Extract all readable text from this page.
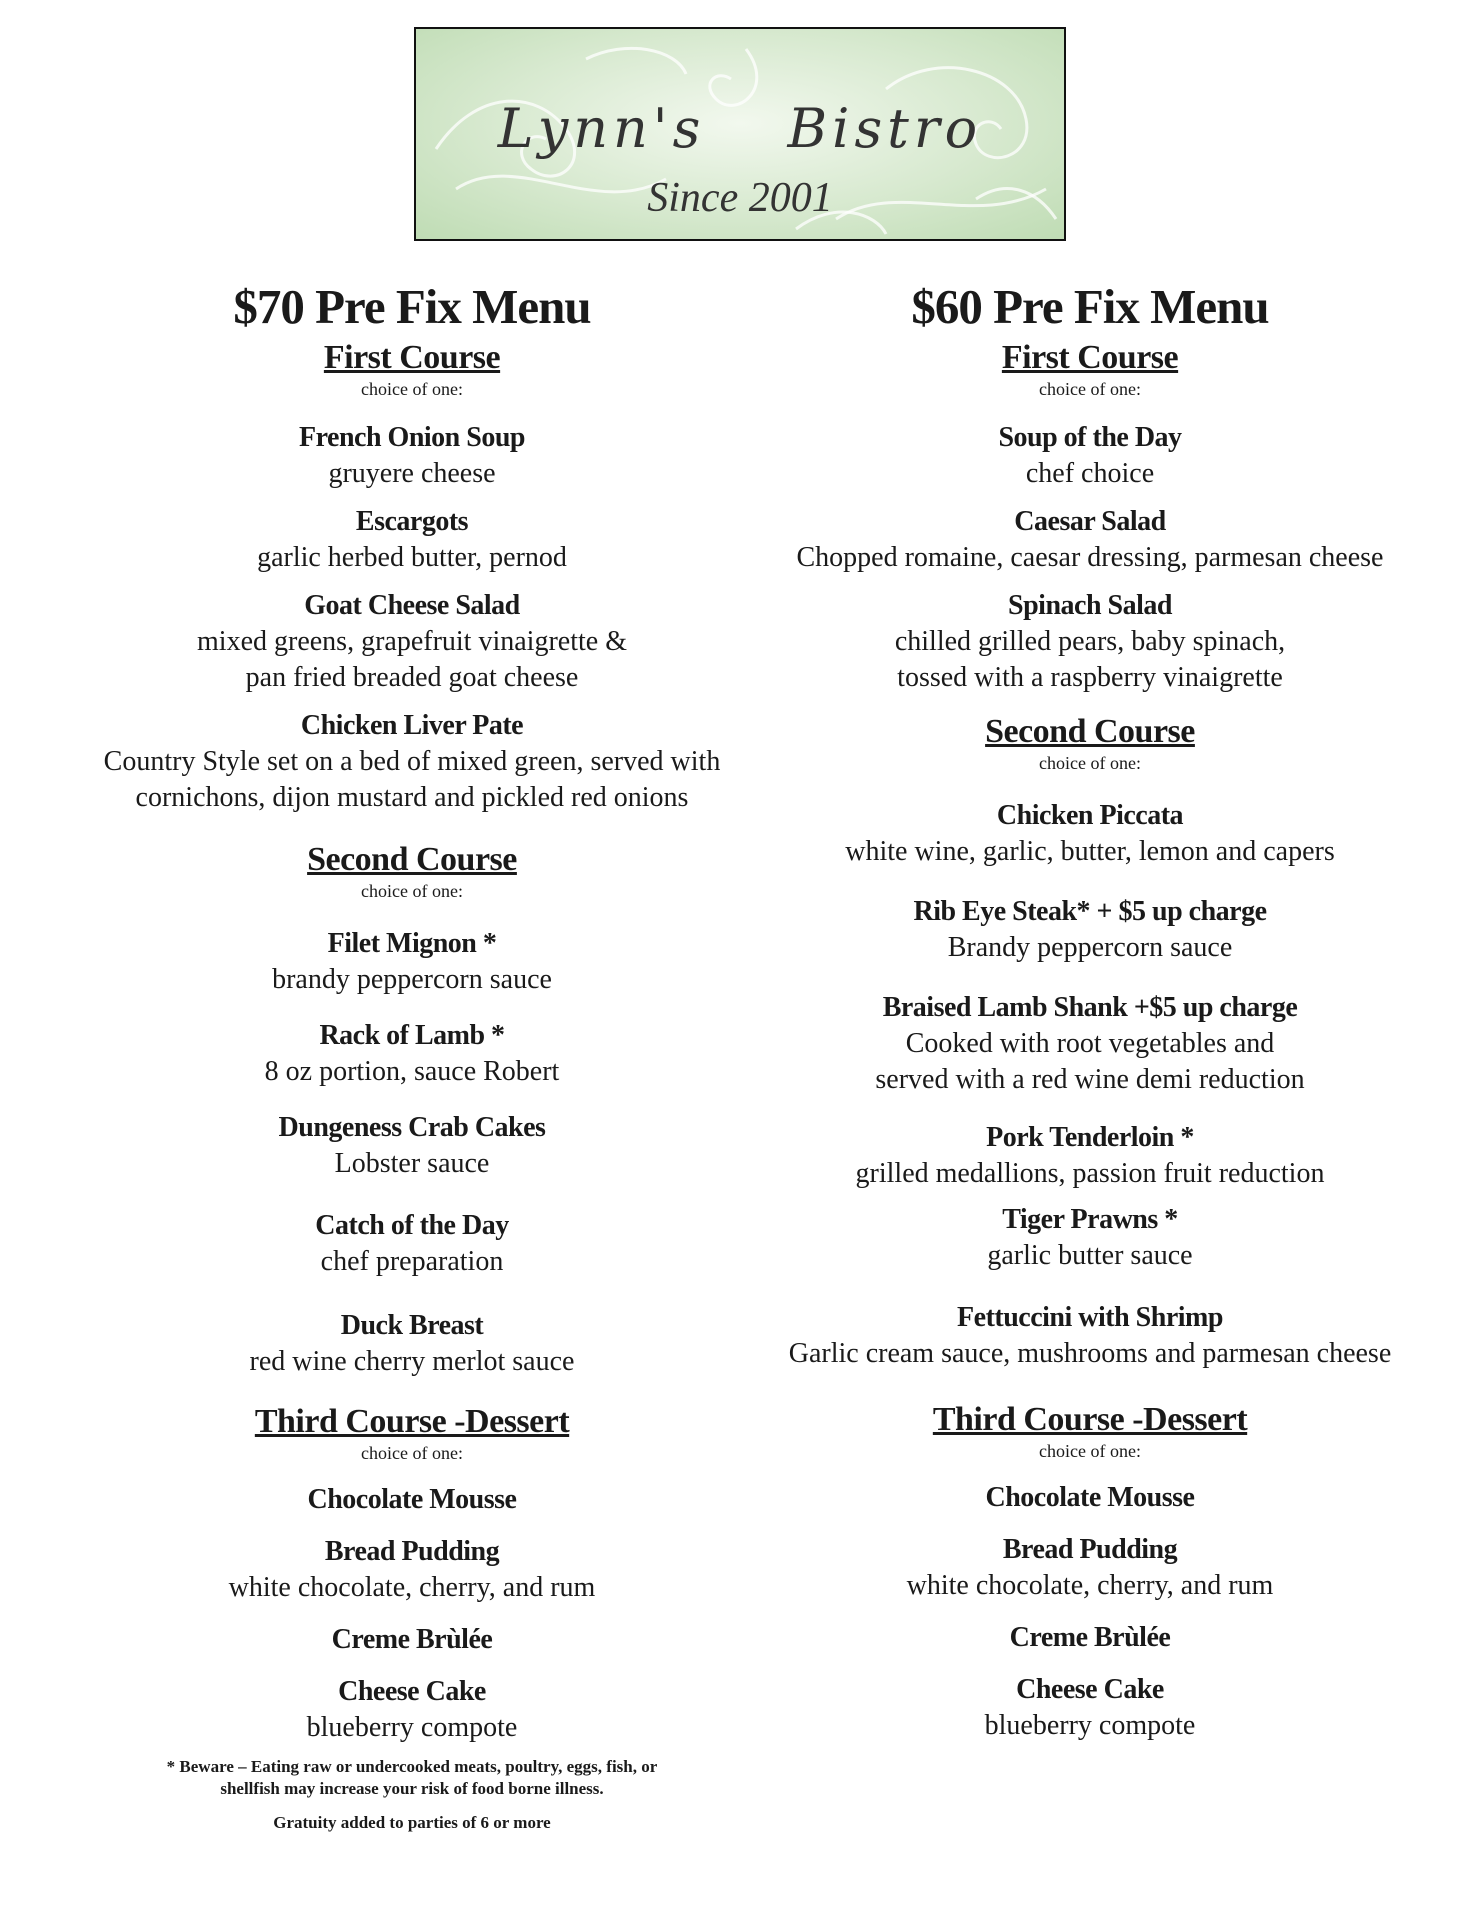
Lynn's Bistro
Since 2001
$70 Pre Fix Menu
First Course
choice of one:
French Onion Soup
gruyere cheese
Escargots
garlic herbed butter, pernod
Goat Cheese Salad
mixed greens, grapefruit vinaigrette &
pan fried breaded goat cheese
Chicken Liver Pate
Country Style set on a bed of mixed green, served with
cornichons, dijon mustard and pickled red onions
Second Course
choice of one:
Filet Mignon *
brandy peppercorn sauce
Rack of Lamb *
8 oz portion, sauce Robert
Dungeness Crab Cakes
Lobster sauce
Catch of the Day
chef preparation
Duck Breast
red wine cherry merlot sauce
Third Course -Dessert
choice of one:
Chocolate Mousse
Bread Pudding
white chocolate, cherry, and rum
Creme Brùlée
Cheese Cake
blueberry compote
* Beware – Eating raw or undercooked meats, poultry, eggs, fish, or
shellfish may increase your risk of food borne illness.
Gratuity added to parties of 6 or more
$60 Pre Fix Menu
First Course
choice of one:
Soup of the Day
chef choice
Caesar Salad
Chopped romaine, caesar dressing, parmesan cheese
Spinach Salad
chilled grilled pears, baby spinach,
tossed with a raspberry vinaigrette
Second Course
choice of one:
Chicken Piccata
white wine, garlic, butter, lemon and capers
Rib Eye Steak* + $5 up charge
Brandy peppercorn sauce
Braised Lamb Shank +$5 up charge
Cooked with root vegetables and
served with a red wine demi reduction
Pork Tenderloin *
grilled medallions, passion fruit reduction
Tiger Prawns *
garlic butter sauce
Fettuccini with Shrimp
Garlic cream sauce, mushrooms and parmesan cheese
Third Course -Dessert
choice of one:
Chocolate Mousse
Bread Pudding
white chocolate, cherry, and rum
Creme Brùlée
Cheese Cake
blueberry compote
